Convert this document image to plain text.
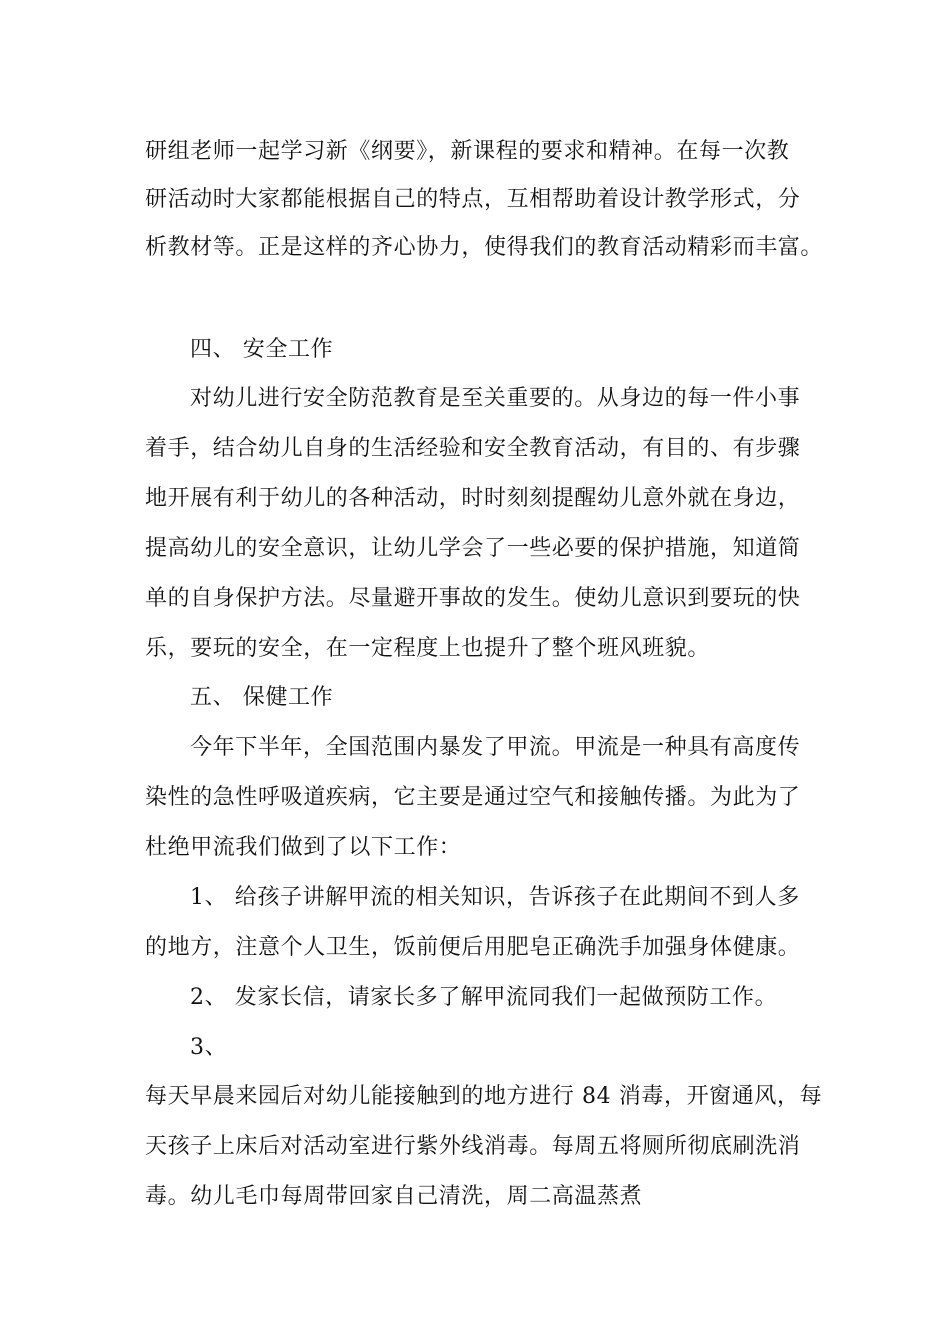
研组老师一起学习新《纲要》，新课程的要求和精神。在每一次教
研活动时大家都能根据自己的特点，互相帮助着设计教学形式，分
析教材等。正是这样的齐心协力，使得我们的教育活动精彩而丰富。
四、 安全工作
对幼儿进行安全防范教育是至关重要的。从身边的每一件小事
着手，结合幼儿自身的生活经验和安全教育活动，有目的、有步骤
地开展有利于幼儿的各种活动，时时刻刻提醒幼儿意外就在身边，
提高幼儿的安全意识，让幼儿学会了一些必要的保护措施，知道简
单的自身保护方法。尽量避开事故的发生。使幼儿意识到要玩的快
乐，要玩的安全，在一定程度上也提升了整个班风班貌。
五、 保健工作
今年下半年，全国范围内暴发了甲流。甲流是一种具有高度传
染性的急性呼吸道疾病，它主要是通过空气和接触传播。为此为了
杜绝甲流我们做到了以下工作：
1、 给孩子讲解甲流的相关知识，告诉孩子在此期间不到人多
的地方，注意个人卫生，饭前便后用肥皂正确洗手加强身体健康。
2、 发家长信，请家长多了解甲流同我们一起做预防工作。
3、
每天早晨来园后对幼儿能接触到的地方进行 84 消毒，开窗通风，每
天孩子上床后对活动室进行紫外线消毒。每周五将厕所彻底刷洗消
毒。幼儿毛巾每周带回家自己清洗，周二高温蒸煮
